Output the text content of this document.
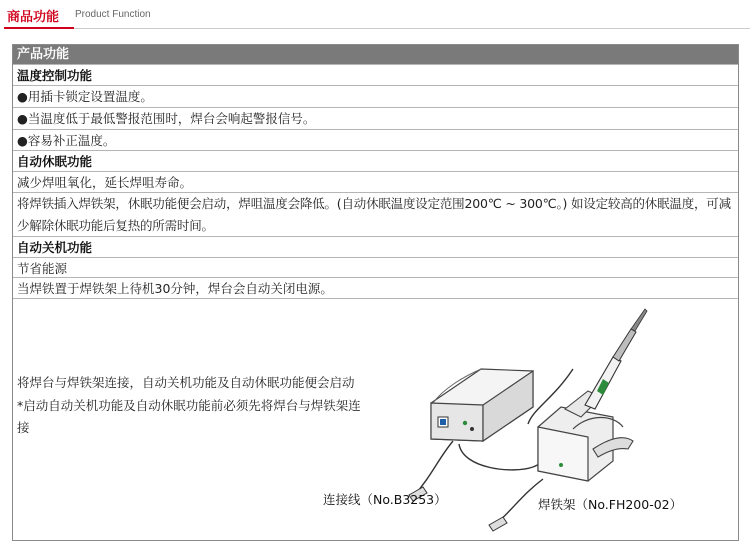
商品功能 Product Function
产品功能
温度控制功能
●用插卡锁定设置温度。
●当温度低于最低警报范围时，焊台会响起警报信号。
●容易补正温度。
自动休眠功能
减少焊咀氧化，延长焊咀寿命。
将焊铁插入焊铁架，休眠功能便会启动，焊咀温度会降低。(自动休眠温度设定范围200℃ ~ 300℃。) 如设定较高的休眠温度，可减少解除休眠功能后复热的所需时间。
自动关机功能
节省能源
当焊铁置于焊铁架上待机30分钟，焊台会自动关闭电源。
将焊台与焊铁架连接，自动关机功能及自动休眠功能便会启动
*启动自动关机功能及自动休眠功能前必须先将焊台与焊铁架连接
连接线（No.B3253）	焊铁架（No.FH200-02）
